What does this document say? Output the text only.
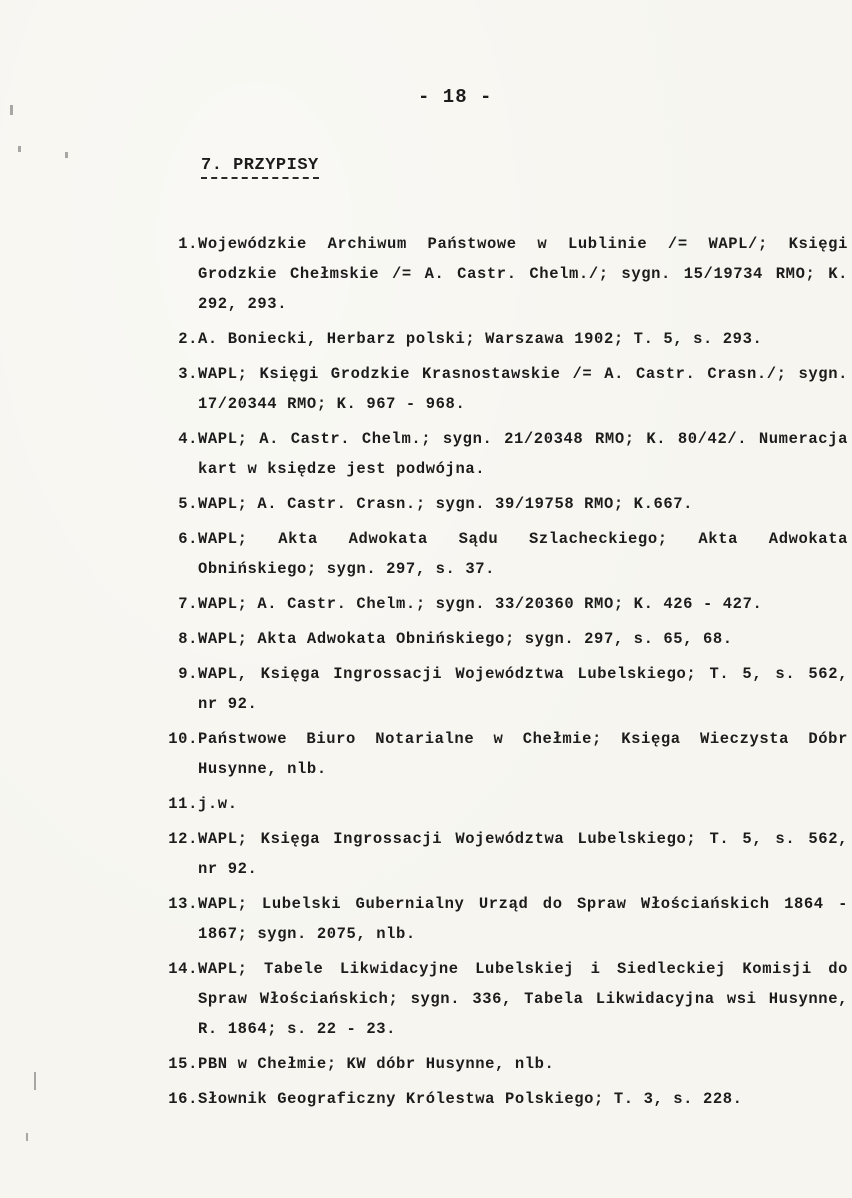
- 18 -
7. PRZYPISY
1. Wojewódzkie Archiwum Państwowe w Lublinie /= WAPL/; Księgi Grodzkie Chełmskie /= A. Castr. Chelm./; sygn. 15/19734 RMO; K. 292, 293.
2. A. Boniecki, Herbarz polski; Warszawa 1902; T. 5, s. 293.
3. WAPL; Księgi Grodzkie Krasnostawskie /= A. Castr. Crasn./; sygn. 17/20344 RMO; K. 967 - 968.
4. WAPL; A. Castr. Chelm.; sygn. 21/20348 RMO; K. 80/42/. Numeracja kart w księdze jest podwójna.
5. WAPL; A. Castr. Crasn.; sygn. 39/19758 RMO; K.667.
6. WAPL; Akta Adwokata Sądu Szlacheckiego; Akta Adwokata Obnińskiego; sygn. 297, s. 37.
7. WAPL; A. Castr. Chelm.; sygn. 33/20360 RMO; K. 426 - 427.
8. WAPL; Akta Adwokata Obnińskiego; sygn. 297, s. 65, 68.
9. WAPL, Księga Ingrossacji Województwa Lubelskiego; T. 5, s. 562, nr 92.
10. Państwowe Biuro Notarialne w Chełmie; Księga Wieczysta Dóbr Husynne, nlb.
11. j.w.
12. WAPL; Księga Ingrossacji Województwa Lubelskiego; T. 5, s. 562, nr 92.
13. WAPL; Lubelski Gubernialny Urząd do Spraw Włościańskich 1864 - 1867; sygn. 2075, nlb.
14. WAPL; Tabele Likwidacyjne Lubelskiej i Siedleckiej Komisji do Spraw Włościańskich; sygn. 336, Tabela Likwidacyjna wsi Husynne, R. 1864; s. 22 - 23.
15. PBN w Chełmie; KW dóbr Husynne, nlb.
16. Słownik Geograficzny Królestwa Polskiego; T. 3, s. 228.
